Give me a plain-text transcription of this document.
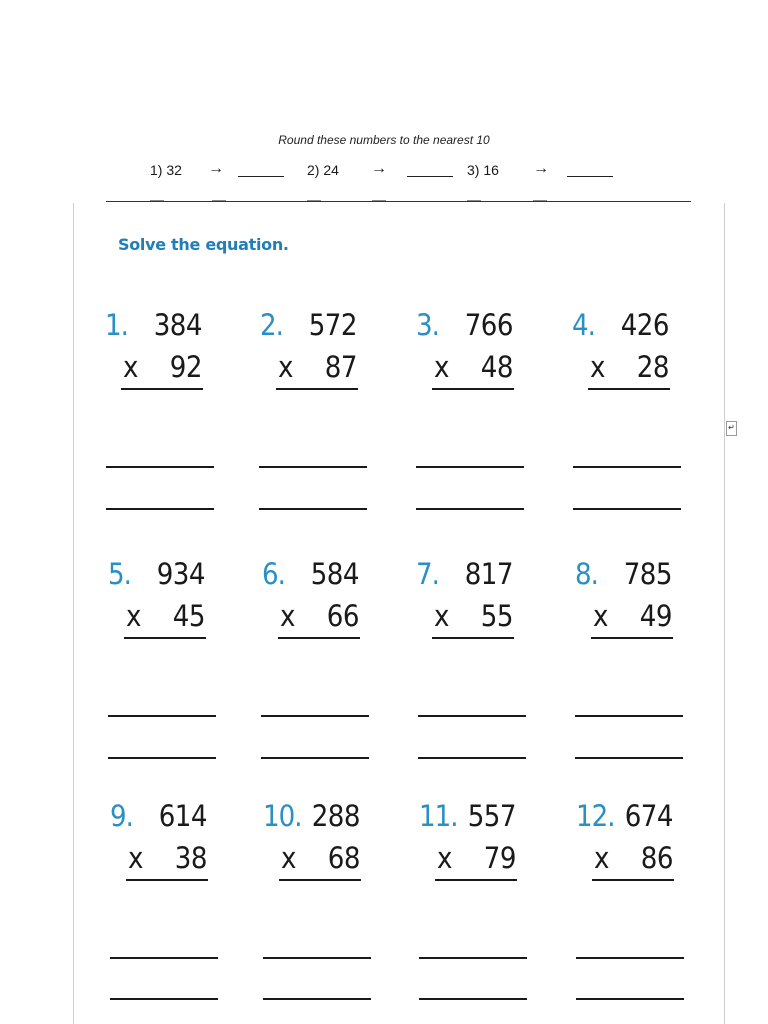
Round these numbers to the nearest 10
1) 32 →	2) 24 →	3) 16 →
↵
Solve the equation.
1. 384
x 92
2. 572
x 87
3. 766
x 48
4. 426
x 28
5. 934
x 45
6. 584
x 66
7. 817
x 55
8. 785
x 49
9. 614
x 38
10. 288
x 68
11. 557
x 79
12. 674
x 86
